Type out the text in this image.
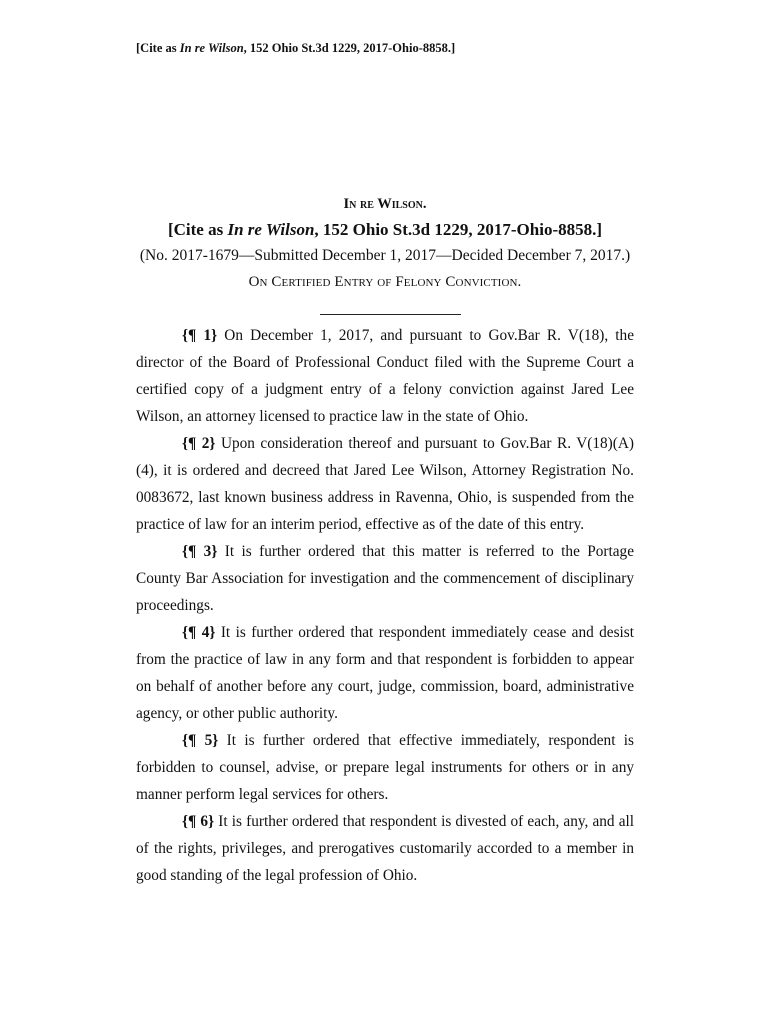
[Cite as In re Wilson, 152 Ohio St.3d 1229, 2017-Ohio-8858.]
In re Wilson.
[Cite as In re Wilson, 152 Ohio St.3d 1229, 2017-Ohio-8858.]
(No. 2017-1679—Submitted December 1, 2017—Decided December 7, 2017.)
On Certified Entry of Felony Conviction.

{¶ 1} On December 1, 2017, and pursuant to Gov.Bar R. V(18), the director of the Board of Professional Conduct filed with the Supreme Court a certified copy of a judgment entry of a felony conviction against Jared Lee Wilson, an attorney licensed to practice law in the state of Ohio.

{¶ 2} Upon consideration thereof and pursuant to Gov.Bar R. V(18)(A)(4), it is ordered and decreed that Jared Lee Wilson, Attorney Registration No. 0083672, last known business address in Ravenna, Ohio, is suspended from the practice of law for an interim period, effective as of the date of this entry.

{¶ 3} It is further ordered that this matter is referred to the Portage County Bar Association for investigation and the commencement of disciplinary proceedings.

{¶ 4} It is further ordered that respondent immediately cease and desist from the practice of law in any form and that respondent is forbidden to appear on behalf of another before any court, judge, commission, board, administrative agency, or other public authority.

{¶ 5} It is further ordered that effective immediately, respondent is forbidden to counsel, advise, or prepare legal instruments for others or in any manner perform legal services for others.

{¶ 6} It is further ordered that respondent is divested of each, any, and all of the rights, privileges, and prerogatives customarily accorded to a member in good standing of the legal profession of Ohio.
